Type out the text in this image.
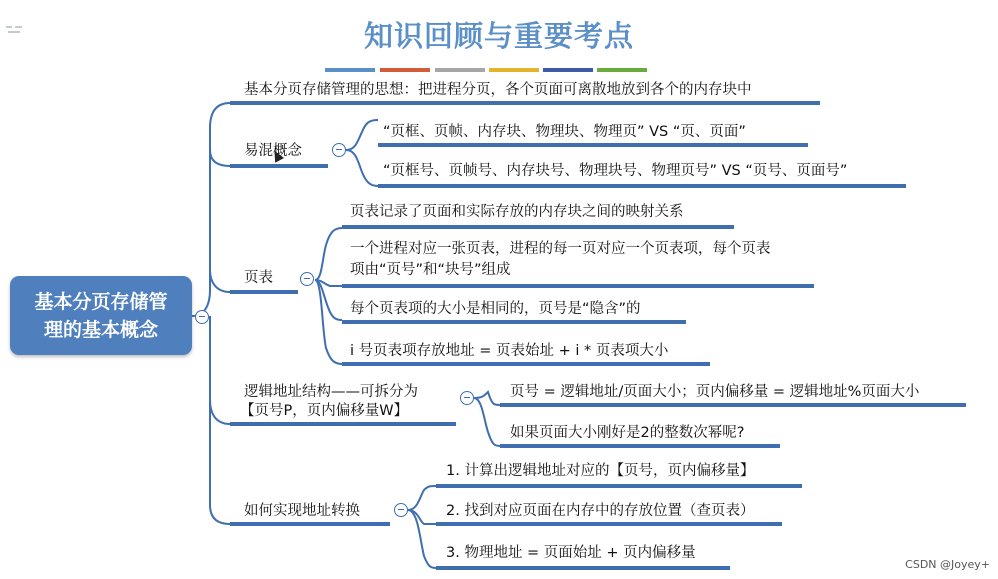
知识回顾与重要考点
基本分页存储管
理的基本概念
基本分页存储管理的思想：把进程分页，各个页面可离散地放到各个的内存块中
易混概念
“页框、页帧、内存块、物理块、物理页” VS “页、页面”
“页框号、页帧号、内存块号、物理块号、物理页号” VS “页号、页面号”
页表
页表记录了页面和实际存放的内存块之间的映射关系
一个进程对应一张页表，进程的每一页对应一个页表项，每个页表
项由“页号”和“块号”组成
每个页表项的大小是相同的，页号是“隐含”的
i 号页表项存放地址 = 页表始址 + i * 页表项大小
逻辑地址结构——可拆分为
【页号P，页内偏移量W】
页号 = 逻辑地址/页面大小；页内偏移量 = 逻辑地址%页面大小
如果页面大小刚好是2的整数次幂呢?
如何实现地址转换
1. 计算出逻辑地址对应的【页号，页内偏移量】
2. 找到对应页面在内存中的存放位置（查页表）
3. 物理地址 = 页面始址 + 页内偏移量
CSDN @Joyey+
